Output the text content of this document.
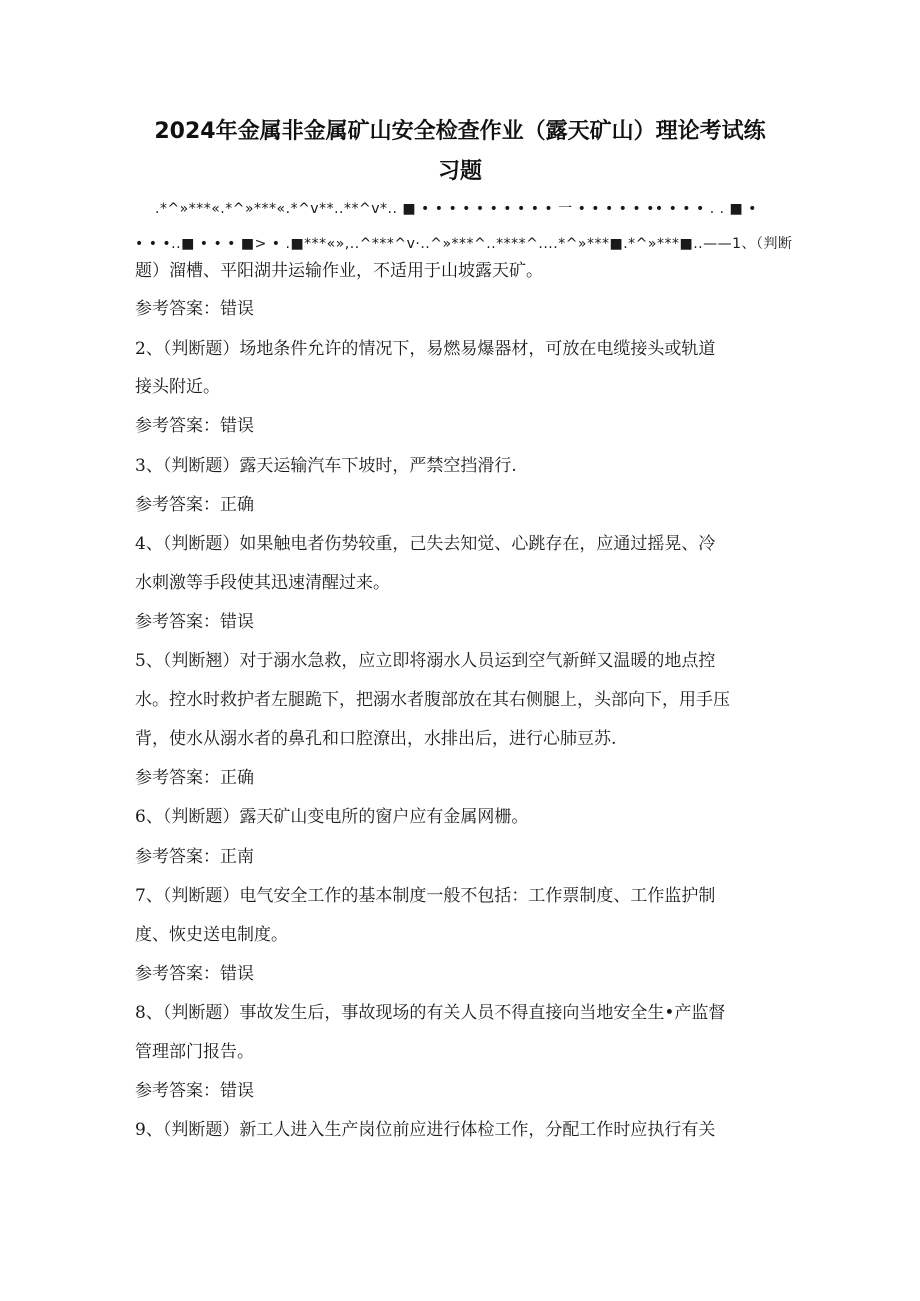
2024年金属非金属矿山安全检查作业（露天矿山）理论考试练
习题

.*^»***«.*^»***«.*^v**..**^v*.. ■ • • • • • • • • • • 一 • • • • • •• • • • . . ■ •

• • •..■ • • • ■> • .■***«»,..^***^v·..^»***^..****^....*^»***■.*^»***■..——1、（判断

题）溜槽、平阳湖井运输作业，不适用于山坡露天矿。

参考答案：错误

2、（判断题）场地条件允许的情况下，易燃易爆器材，可放在电缆接头或轨道

接头附近。

参考答案：错误

3、（判断题）露天运输汽车下坡时，严禁空挡滑行.

参考答案：正确

4、（判断题）如果触电者伤势较重，己失去知觉、心跳存在，应通过摇晃、冷

水刺激等手段使其迅速清醒过来。

参考答案：错误

5、（判断翘）对于溺水急救，应立即将溺水人员运到空气新鲜又温暖的地点控

水。控水时救护者左腿跪下，把溺水者腹部放在其右侧腿上，头部向下，用手压

背，使水从溺水者的鼻孔和口腔潦出，水排出后，进行心肺豆苏.

参考答案：正确

6、（判断题）露天矿山变电所的窗户应有金属网栅。

参考答案：正南

7、（判断题）电气安全工作的基本制度一般不包括：工作票制度、工作监护制

度、恢史送电制度。

参考答案：错误

8、（判断题）事故发生后，事故现场的有关人员不得直接向当地安全生•产监督

管理部门报告。

参考答案：错误

9、（判断题）新工人进入生产岗位前应进行体检工作，分配工作时应执行有关
